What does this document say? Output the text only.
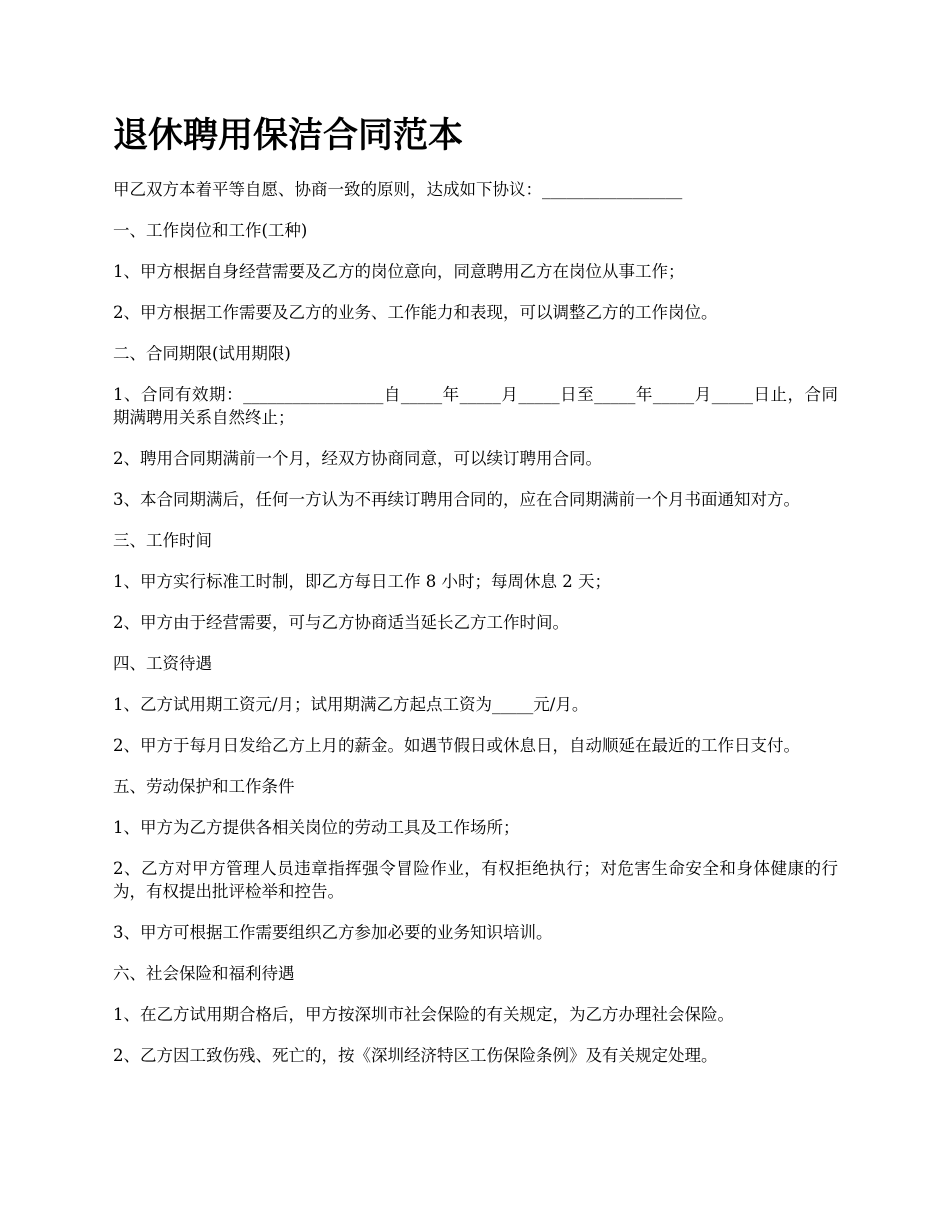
退休聘用保洁合同范本

甲乙双方本着平等自愿、协商一致的原则，达成如下协议：_________________

一、工作岗位和工作(工种)

1、甲方根据自身经营需要及乙方的岗位意向，同意聘用乙方在岗位从事工作；

2、甲方根据工作需要及乙方的业务、工作能力和表现，可以调整乙方的工作岗位。

二、合同期限(试用期限)

1、合同有效期：_________________自_____年_____月_____日至_____年_____月_____日止，合同期满聘用关系自然终止；

2、聘用合同期满前一个月，经双方协商同意，可以续订聘用合同。

3、本合同期满后，任何一方认为不再续订聘用合同的，应在合同期满前一个月书面通知对方。

三、工作时间

1、甲方实行标准工时制，即乙方每日工作 8 小时；每周休息 2 天；

2、甲方由于经营需要，可与乙方协商适当延长乙方工作时间。

四、工资待遇

1、乙方试用期工资元/月；试用期满乙方起点工资为_____元/月。

2、甲方于每月日发给乙方上月的薪金。如遇节假日或休息日，自动顺延在最近的工作日支付。

五、劳动保护和工作条件

1、甲方为乙方提供各相关岗位的劳动工具及工作场所；

2、乙方对甲方管理人员违章指挥强令冒险作业，有权拒绝执行；对危害生命安全和身体健康的行为，有权提出批评检举和控告。

3、甲方可根据工作需要组织乙方参加必要的业务知识培训。

六、社会保险和福利待遇

1、在乙方试用期合格后，甲方按深圳市社会保险的有关规定，为乙方办理社会保险。

2、乙方因工致伤残、死亡的，按《深圳经济特区工伤保险条例》及有关规定处理。
